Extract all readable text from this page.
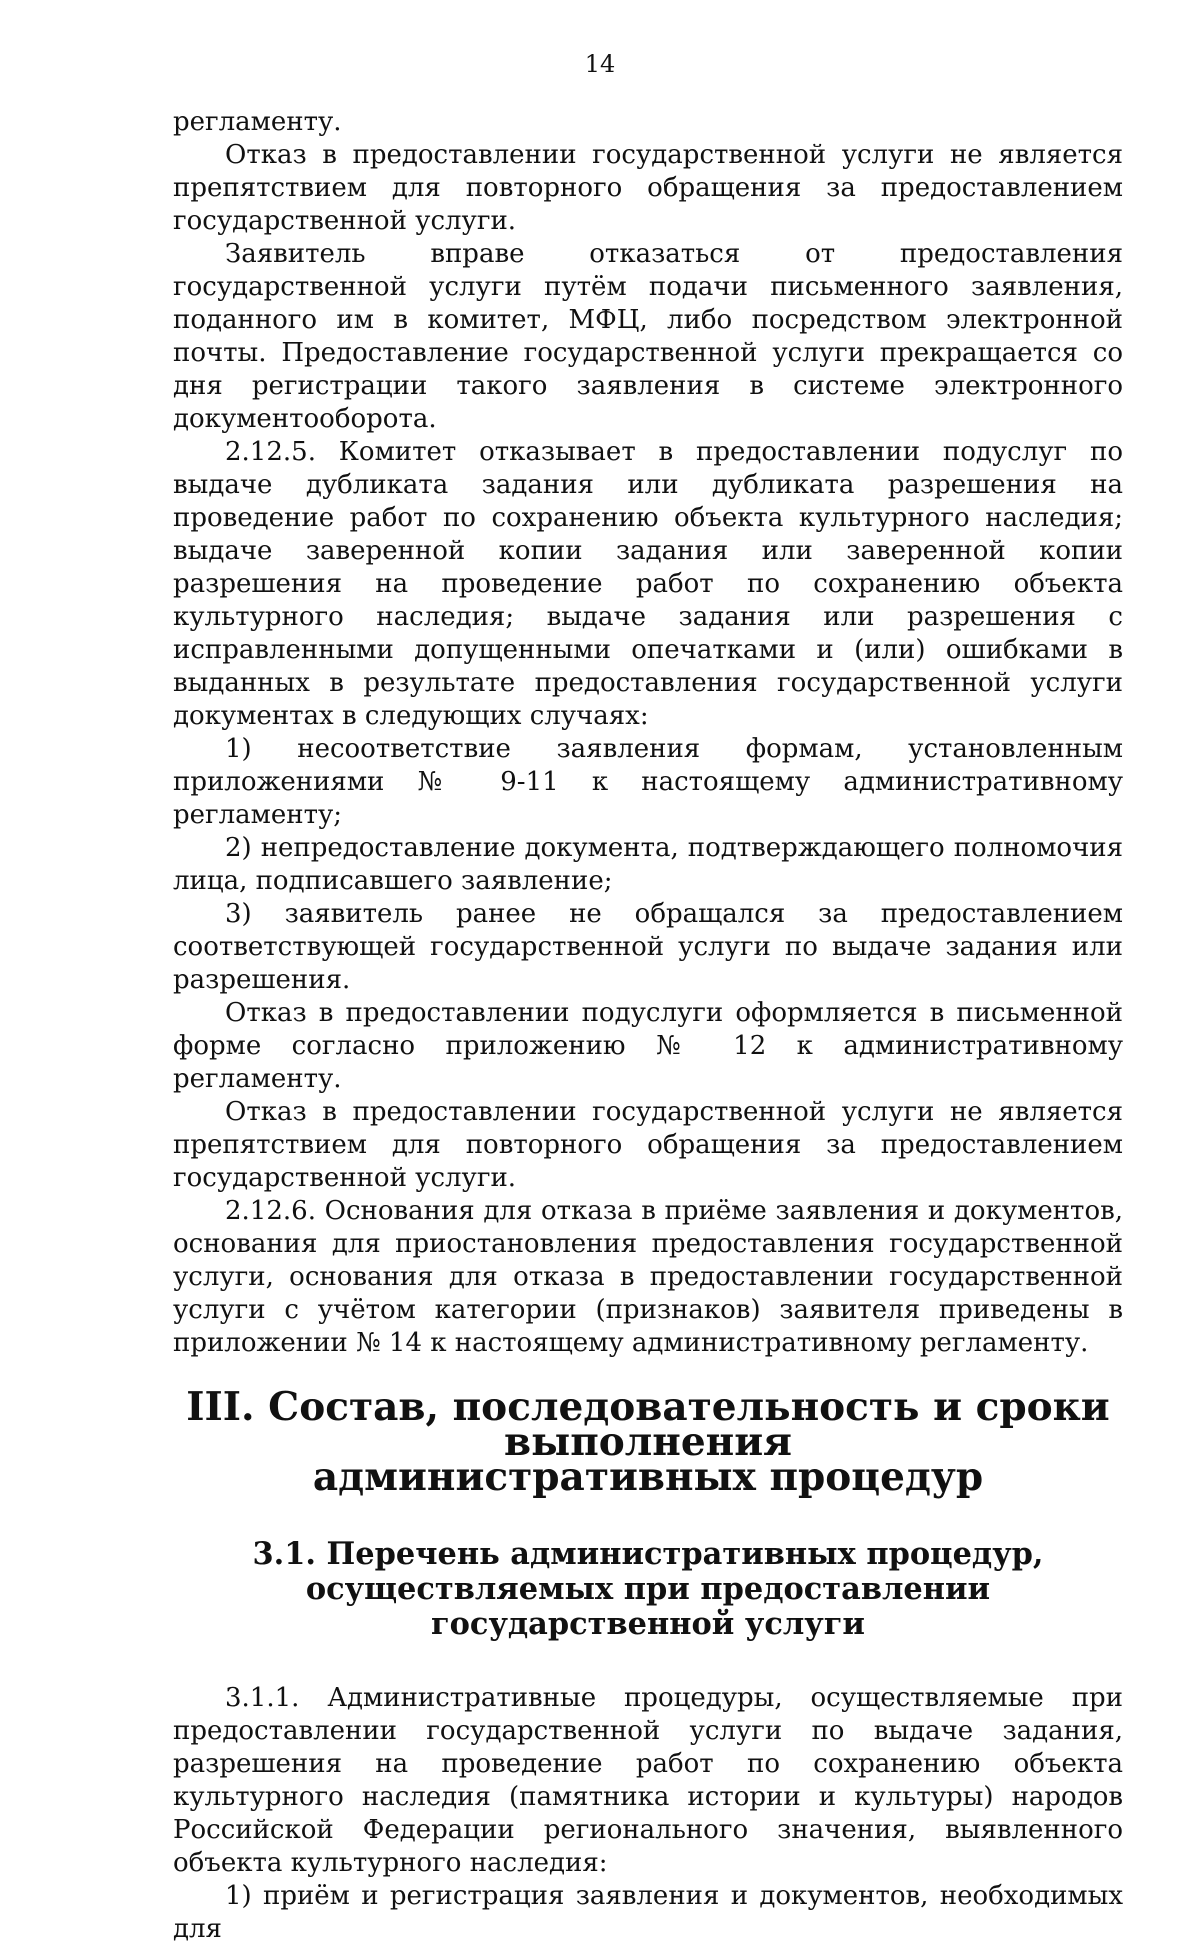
14

регламенту.

Отказ в предоставлении государственной услуги не является препятствием для повторного обращения за предоставлением государственной услуги.

Заявитель вправе отказаться от предоставления государственной услуги путём подачи письменного заявления, поданного им в комитет, МФЦ, либо посредством электронной почты. Предоставление государственной услуги прекращается со дня регистрации такого заявления в системе электронного документооборота.

2.12.5. Комитет отказывает в предоставлении подуслуг по выдаче дубликата задания или дубликата разрешения на проведение работ по сохранению объекта культурного наследия; выдаче заверенной копии задания или заверенной копии разрешения на проведение работ по сохранению объекта культурного наследия; выдаче задания или разрешения с исправленными допущенными опечатками и (или) ошибками в выданных в результате предоставления государственной услуги документах в следующих случаях:

1) несоответствие заявления формам, установленным приложениями № 9-11 к настоящему административному регламенту;

2) непредоставление документа, подтверждающего полномочия лица, подписавшего заявление;

3) заявитель ранее не обращался за предоставлением соответствующей государственной услуги по выдаче задания или разрешения.

Отказ в предоставлении подуслуги оформляется в письменной форме согласно приложению № 12 к административному регламенту.

Отказ в предоставлении государственной услуги не является препятствием для повторного обращения за предоставлением государственной услуги.

2.12.6. Основания для отказа в приёме заявления и документов, основания для приостановления предоставления государственной услуги, основания для отказа в предоставлении государственной услуги с учётом категории (признаков) заявителя приведены в приложении № 14 к настоящему административному регламенту.

III. Состав, последовательность и сроки выполнения
административных процедур
3.1. Перечень административных процедур,
осуществляемых при предоставлении государственной услуги

3.1.1. Административные процедуры, осуществляемые при предоставлении государственной услуги по выдаче задания, разрешения на проведение работ по сохранению объекта культурного наследия (памятника истории и культуры) народов Российской Федерации регионального значения, выявленного объекта культурного наследия:

1) приём и регистрация заявления и документов, необходимых для
